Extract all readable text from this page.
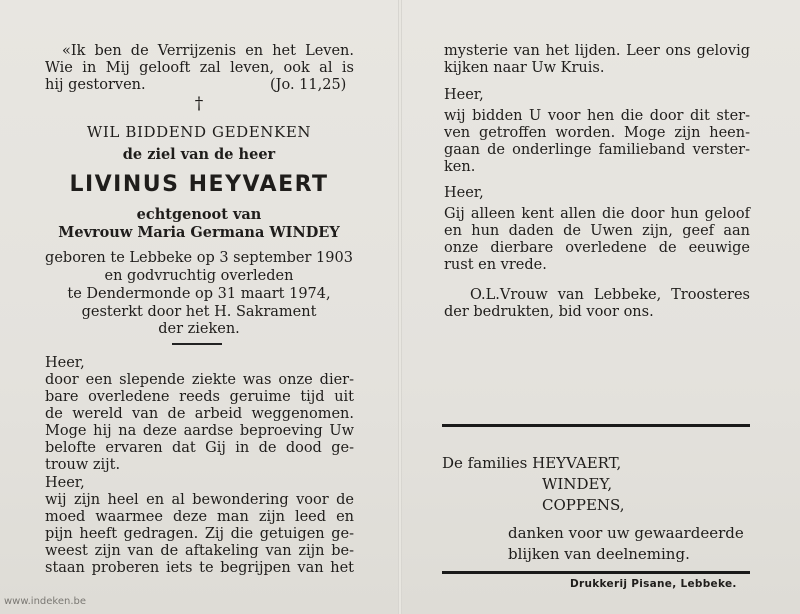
«Ik ben de Verrijzenis en het Leven.
Wie in Mij gelooft zal leven, ook al is
hij gestorven.	(Jo. 11,25)
†
WIL BIDDEND GEDENKEN
de ziel van de heer
LIVINUS HEYVAERT
echtgenoot van
Mevrouw Maria Germana WINDEY
geboren te Lebbeke op 3 september 1903
en godvruchtig overleden
te Dendermonde op 31 maart 1974,
gesterkt door het H. Sakrament
der zieken.
Heer,
door een slepende ziekte was onze dier-
bare overledene reeds geruime tijd uit
de wereld van de arbeid weggenomen.
Moge hij na deze aardse beproeving Uw
belofte ervaren dat Gij in de dood ge-
trouw zijt.
Heer,
wij zijn heel en al bewondering voor de
moed waarmee deze man zijn leed en
pijn heeft gedragen. Zij die getuigen ge-
weest zijn van de aftakeling van zijn be-
staan proberen iets te begrijpen van het
mysterie van het lijden. Leer ons gelovig
kijken naar Uw Kruis.
Heer,
wij bidden U voor hen die door dit ster-
ven getroffen worden. Moge zijn heen-
gaan de onderlinge familieband verster-
ken.
Heer,
Gij alleen kent allen die door hun geloof
en hun daden de Uwen zijn, geef aan
onze dierbare overledene de eeuwige
rust en vrede.
O.L.Vrouw van Lebbeke, Troosteres
der bedrukten, bid voor ons.
De families HEYVAERT,
WINDEY,
COPPENS,
danken voor uw gewaardeerde
blijken van deelneming.
Drukkerij Pisane, Lebbeke.
www.indeken.be
